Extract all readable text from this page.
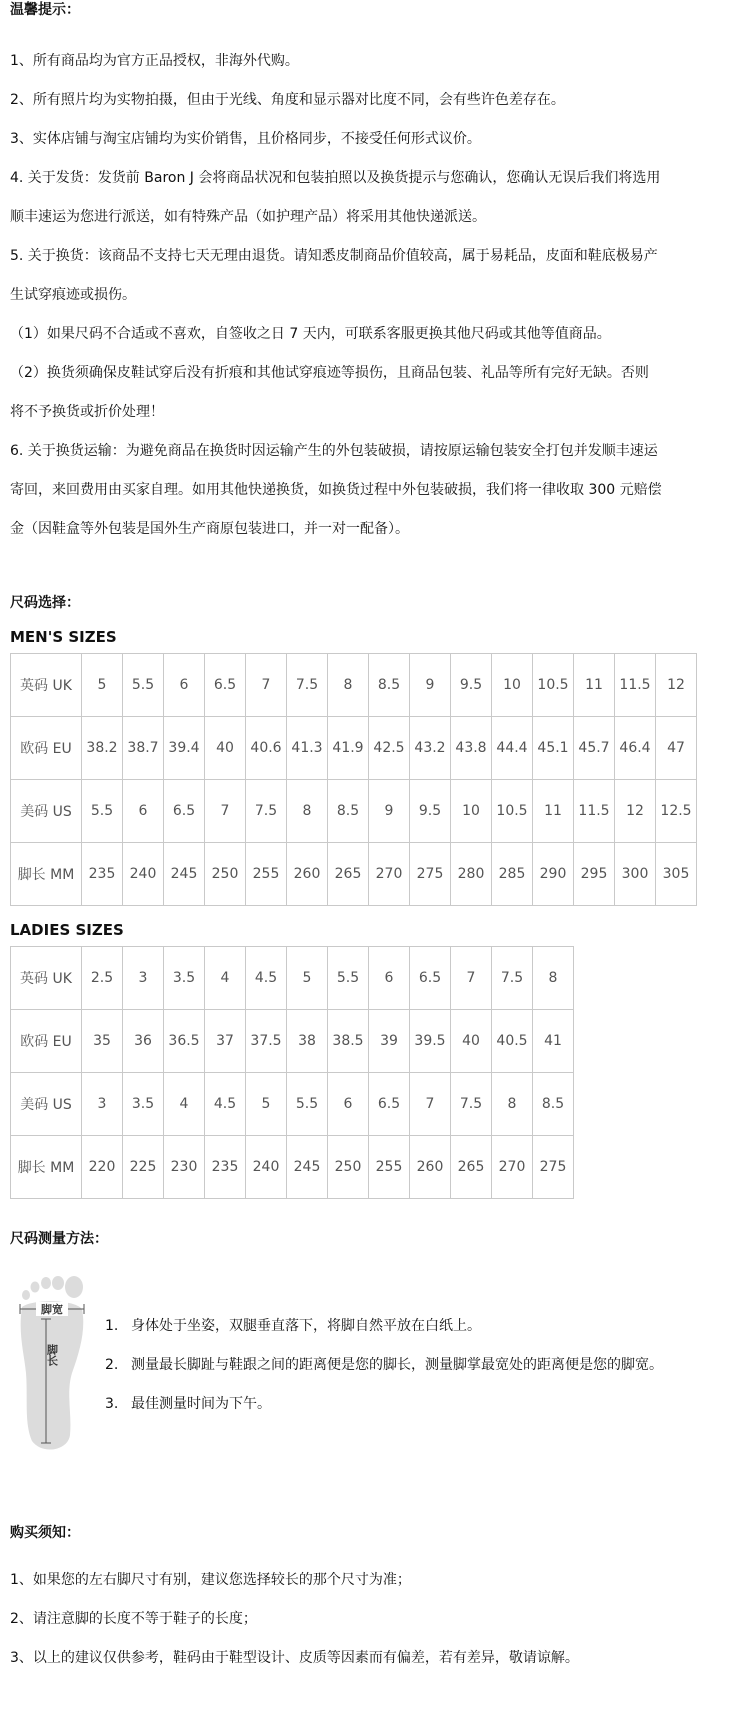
温馨提示：

1、所有商品均为官方正品授权，非海外代购。

2、所有照片均为实物拍摄，但由于光线、角度和显示器对比度不同，会有些许色差存在。

3、实体店铺与淘宝店铺均为实价销售，且价格同步，不接受任何形式议价。

4. 关于发货：发货前 Baron J 会将商品状况和包装拍照以及换货提示与您确认，您确认无误后我们将选用

顺丰速运为您进行派送，如有特殊产品（如护理产品）将采用其他快递派送。

5. 关于换货：该商品不支持七天无理由退货。请知悉皮制商品价值较高，属于易耗品，皮面和鞋底极易产

生试穿痕迹或损伤。

（1）如果尺码不合适或不喜欢，自签收之日 7 天内，可联系客服更换其他尺码或其他等值商品。

（2）换货须确保皮鞋试穿后没有折痕和其他试穿痕迹等损伤，且商品包装、礼品等所有完好无缺。否则

将不予换货或折价处理！

6. 关于换货运输：为避免商品在换货时因运输产生的外包装破损，请按原运输包装安全打包并发顺丰速运

寄回，来回费用由买家自理。如用其他快递换货，如换货过程中外包装破损，我们将一律收取 300 元赔偿

金（因鞋盒等外包装是国外生产商原包装进口，并一对一配备）。

尺码选择：

MEN'S SIZES

英码 UK	5	5.5	6	6.5	7	7.5	8	8.5	9	9.5	10	10.5	11	11.5	12
欧码 EU	38.2	38.7	39.4	40	40.6	41.3	41.9	42.5	43.2	43.8	44.4	45.1	45.7	46.4	47
美码 US	5.5	6	6.5	7	7.5	8	8.5	9	9.5	10	10.5	11	11.5	12	12.5
脚长 MM	235	240	245	250	255	260	265	270	275	280	285	290	295	300	305

LADIES SIZES

英码 UK	2.5	3	3.5	4	4.5	5	5.5	6	6.5	7	7.5	8
欧码 EU	35	36	36.5	37	37.5	38	38.5	39	39.5	40	40.5	41
美码 US	3	3.5	4	4.5	5	5.5	6	6.5	7	7.5	8	8.5
脚长 MM	220	225	230	235	240	245	250	255	260	265	270	275

尺码测量方法：

脚宽
脚长
1. 身体处于坐姿，双腿垂直落下，将脚自然平放在白纸上。
2. 测量最长脚趾与鞋跟之间的距离便是您的脚长，测量脚掌最宽处的距离便是您的脚宽。
3. 最佳测量时间为下午。

购买须知：

1、如果您的左右脚尺寸有别，建议您选择较长的那个尺寸为准；

2、请注意脚的长度不等于鞋子的长度；

3、以上的建议仅供参考，鞋码由于鞋型设计、皮质等因素而有偏差，若有差异，敬请谅解。
